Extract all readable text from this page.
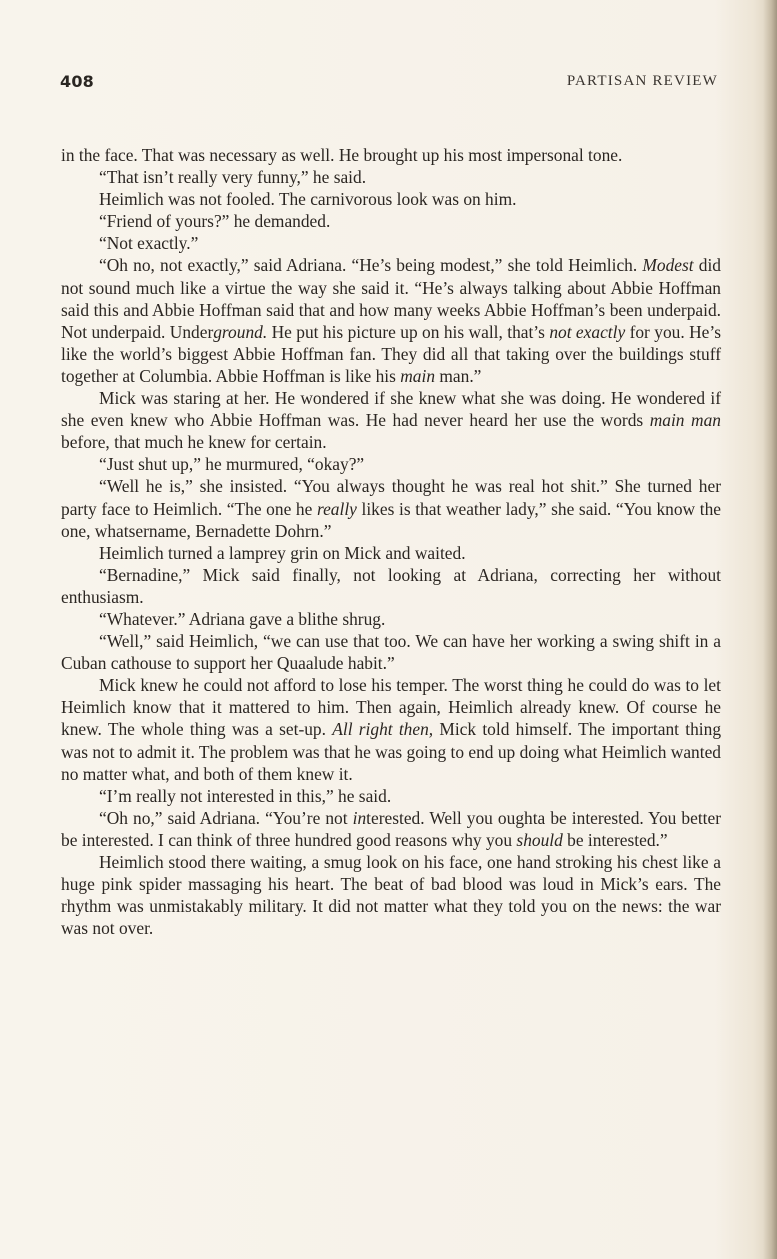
408	PARTISAN REVIEW

in the face. That was necessary as well. He brought up his most impersonal tone.

“That isn’t really very funny,” he said.

Heimlich was not fooled. The carnivorous look was on him.

“Friend of yours?” he demanded.

“Not exactly.”

“Oh no, not exactly,” said Adriana. “He’s being modest,” she told Heimlich. Modest did not sound much like a virtue the way she said it. “He’s always talking about Abbie Hoffman said this and Abbie Hoffman said that and how many weeks Abbie Hoffman’s been underpaid. Not underpaid. Underground. He put his picture up on his wall, that’s not exactly for you. He’s like the world’s biggest Abbie Hoffman fan. They did all that taking over the buildings stuff together at Columbia. Abbie Hoffman is like his main man.”

Mick was staring at her. He wondered if she knew what she was doing. He wondered if she even knew who Abbie Hoffman was. He had never heard her use the words main man before, that much he knew for certain.

“Just shut up,” he murmured, “okay?”

“Well he is,” she insisted. “You always thought he was real hot shit.” She turned her party face to Heimlich. “The one he really likes is that weather lady,” she said. “You know the one, whatsername, Bernadette Dohrn.”

Heimlich turned a lamprey grin on Mick and waited.

“Bernadine,” Mick said finally, not looking at Adriana, correcting her without enthusiasm.

“Whatever.” Adriana gave a blithe shrug.

“Well,” said Heimlich, “we can use that too. We can have her working a swing shift in a Cuban cathouse to support her Quaalude habit.”

Mick knew he could not afford to lose his temper. The worst thing he could do was to let Heimlich know that it mattered to him. Then again, Heimlich already knew. Of course he knew. The whole thing was a set-up. All right then, Mick told himself. The important thing was not to admit it. The problem was that he was going to end up doing what Heimlich wanted no matter what, and both of them knew it.

“I’m really not interested in this,” he said.

“Oh no,” said Adriana. “You’re not interested. Well you oughta be interested. You better be interested. I can think of three hundred good reasons why you should be interested.”

Heimlich stood there waiting, a smug look on his face, one hand stroking his chest like a huge pink spider massaging his heart. The beat of bad blood was loud in Mick’s ears. The rhythm was unmistakably military. It did not matter what they told you on the news: the war was not over.
